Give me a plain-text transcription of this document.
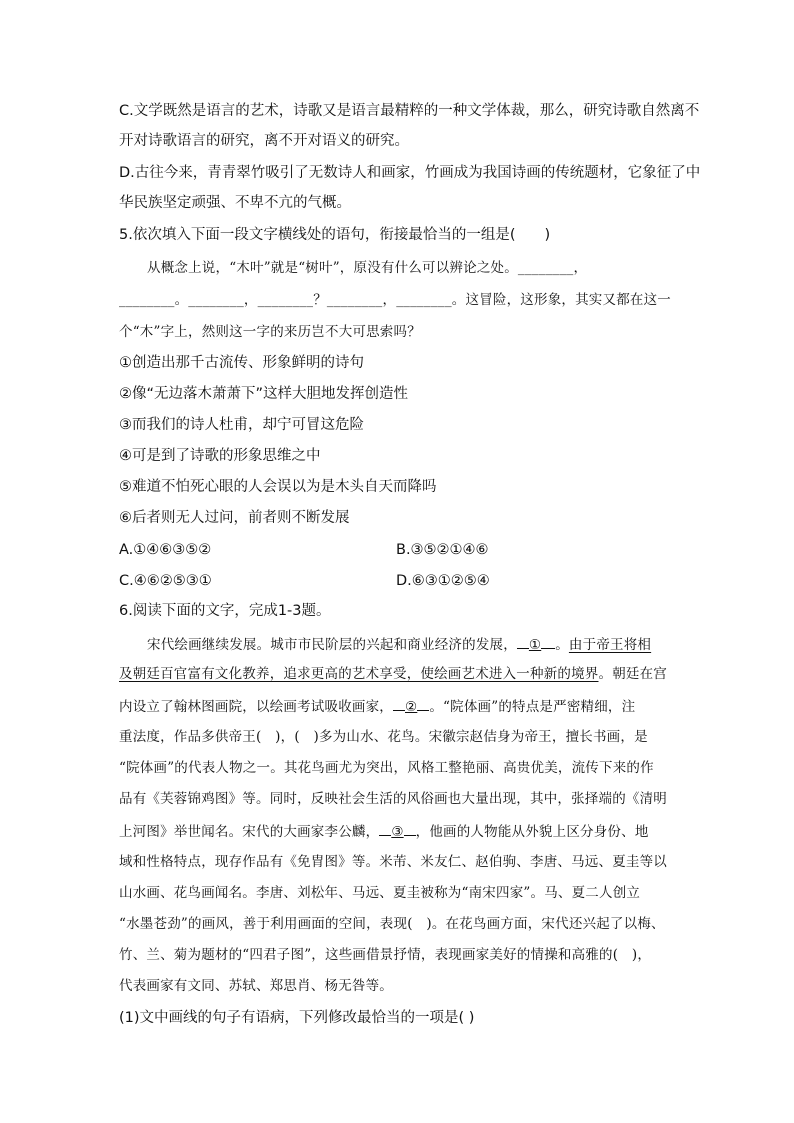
C.文学既然是语言的艺术，诗歌又是语言最精粹的一种文学体裁，那么，研究诗歌自然离不
开对诗歌语言的研究，离不开对语义的研究。
D.古往今来，青青翠竹吸引了无数诗人和画家，竹画成为我国诗画的传统题材，它象征了中
华民族坚定顽强、不卑不亢的气概。
5.依次填入下面一段文字横线处的语句，衔接最恰当的一组是(　　)
从概念上说，“木叶”就是“树叶”，原没有什么可以辨论之处。________，
________。________，________？________，________。这冒险，这形象，其实又都在这一
个“木”字上，然则这一字的来历岂不大可思索吗？
①创造出那千古流传、形象鲜明的诗句
②像“无边落木萧萧下”这样大胆地发挥创造性
③而我们的诗人杜甫，却宁可冒这危险
④可是到了诗歌的形象思维之中
⑤难道不怕死心眼的人会误以为是木头自天而降吗
⑥后者则无人过问，前者则不断发展
A.①④⑥③⑤②	B.③⑤②①④⑥
C.④⑥②⑤③①	D.⑥③①②⑤④
6.阅读下面的文字，完成1-3题。
宋代绘画继续发展。城市市民阶层的兴起和商业经济的发展， ① 。由于帝王将相
及朝廷百官富有文化教养，追求更高的艺术享受，使绘画艺术进入一种新的境界。朝廷在宫
内设立了翰林图画院，以绘画考试吸收画家， ② 。“院体画”的特点是严密精细，注
重法度，作品多供帝王(　)，(　)多为山水、花鸟。宋徽宗赵佶身为帝王，擅长书画，是
“院体画”的代表人物之一。其花鸟画尤为突出，风格工整艳丽、高贵优美，流传下来的作
品有《芙蓉锦鸡图》等。同时，反映社会生活的风俗画也大量出现，其中，张择端的《清明
上河图》举世闻名。宋代的大画家李公麟， ③ ，他画的人物能从外貌上区分身份、地
域和性格特点，现存作品有《免胄图》等。米芾、米友仁、赵伯驹、李唐、马远、夏圭等以
山水画、花鸟画闻名。李唐、刘松年、马远、夏圭被称为“南宋四家”。马、夏二人创立
“水墨苍劲”的画风，善于利用画面的空间，表现(　)。在花鸟画方面，宋代还兴起了以梅、
竹、兰、菊为题材的“四君子图”，这些画借景抒情，表现画家美好的情操和高雅的(　)，
代表画家有文同、苏轼、郑思肖、杨无咎等。
(1)文中画线的句子有语病，下列修改最恰当的一项是( )
